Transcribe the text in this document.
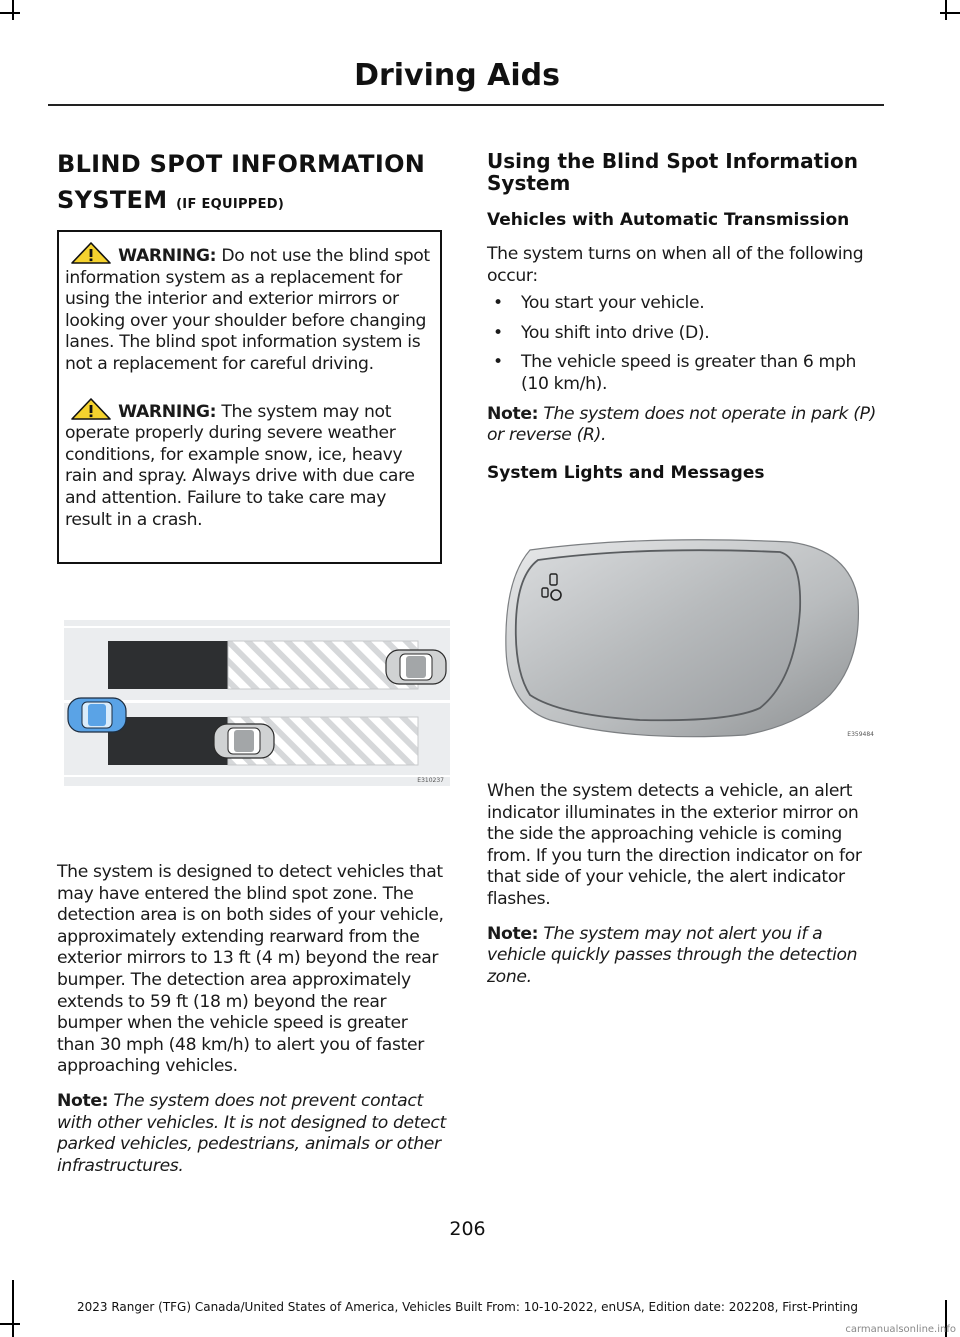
Driving Aids
BLIND SPOT INFORMATION
SYSTEM (IF EQUIPPED)

WARNING: Do not use the blind spot information system as a replacement for using the interior and exterior mirrors or looking over your shoulder before changing lanes. The blind spot information system is not a replacement for careful driving.

WARNING: The system may not operate properly during severe weather conditions, for example snow, ice, heavy rain and spray. Always drive with due care and attention. Failure to take care may result in a crash.

E310237

The system is designed to detect vehicles that may have entered the blind spot zone. The detection area is on both sides of your vehicle, approximately extending rearward from the exterior mirrors to 13 ft (4 m) beyond the rear bumper. The detection area approximately extends to 59 ft (18 m) beyond the rear bumper when the vehicle speed is greater than 30 mph (48 km/h) to alert you of faster approaching vehicles.

Note: The system does not prevent contact with other vehicles. It is not designed to detect parked vehicles, pedestrians, animals or other infrastructures.

Using the Blind Spot Information System
Vehicles with Automatic Transmission

The system turns on when all of the following occur:

• You start your vehicle.
• You shift into drive (D).
• The vehicle speed is greater than 6 mph (10 km/h).

Note: The system does not operate in park (P) or reverse (R).

System Lights and Messages
E359484

When the system detects a vehicle, an alert indicator illuminates in the exterior mirror on the side the approaching vehicle is coming from. If you turn the direction indicator on for that side of your vehicle, the alert indicator flashes.

Note: The system may not alert you if a vehicle quickly passes through the detection zone.

206
2023 Ranger (TFG) Canada/United States of America, Vehicles Built From: 10-10-2022, enUSA, Edition date: 202208, First-Printing
carmanualsonline.info
